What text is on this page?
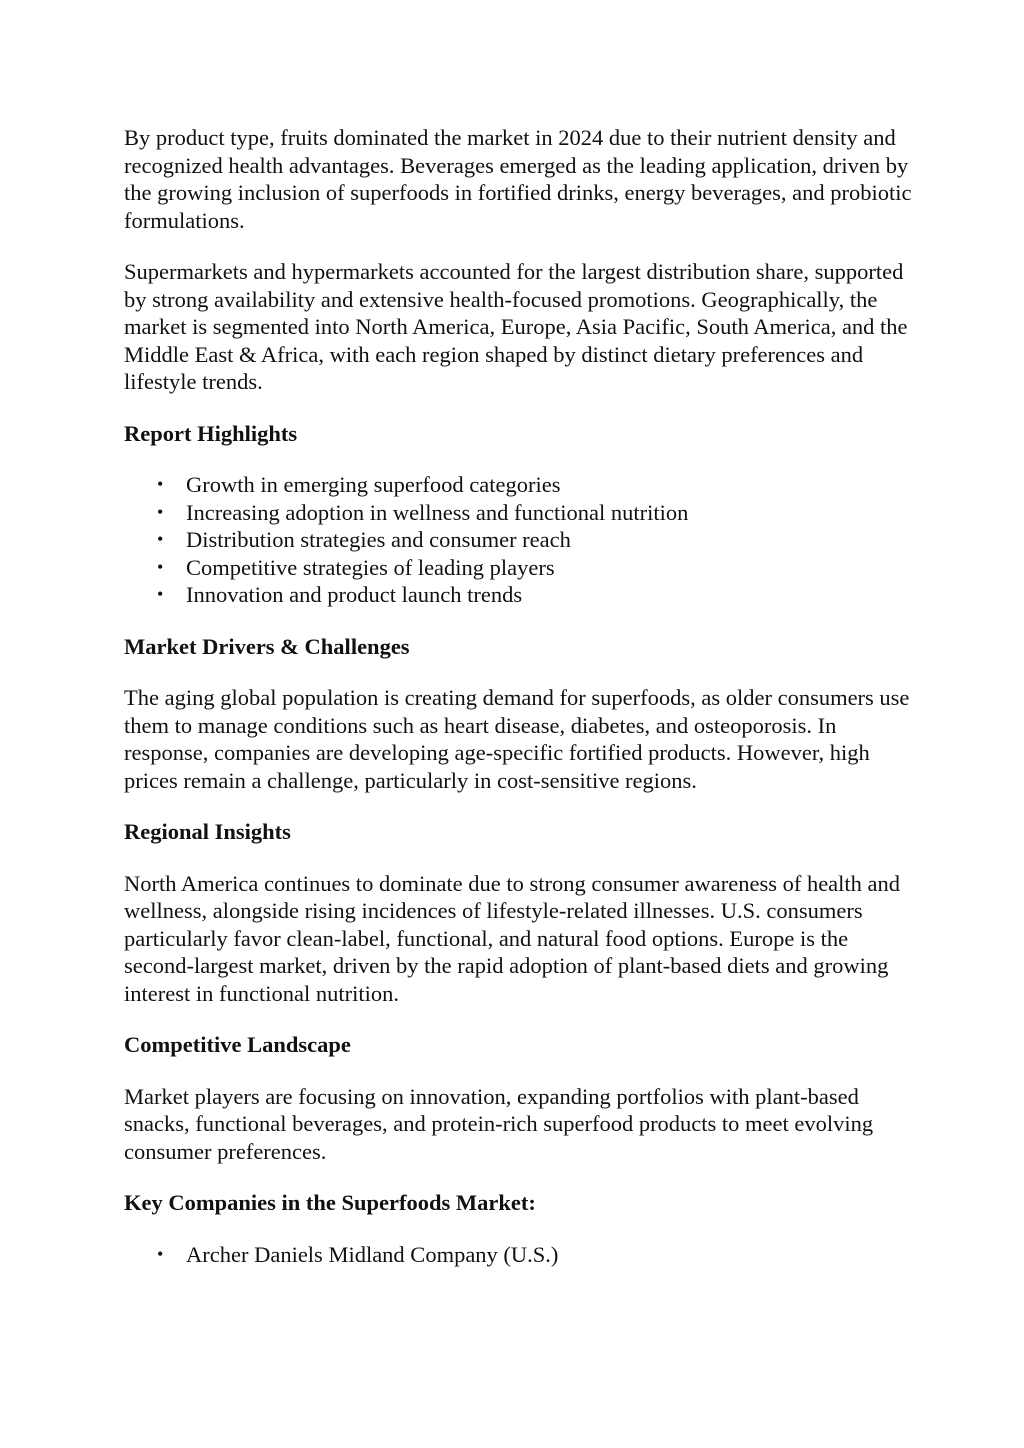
By product type, fruits dominated the market in 2024 due to their nutrient density and recognized health advantages. Beverages emerged as the leading application, driven by the growing inclusion of superfoods in fortified drinks, energy beverages, and probiotic formulations.

Supermarkets and hypermarkets accounted for the largest distribution share, supported by strong availability and extensive health-focused promotions. Geographically, the market is segmented into North America, Europe, Asia Pacific, South America, and the Middle East & Africa, with each region shaped by distinct dietary preferences and lifestyle trends.

Report Highlights
• Growth in emerging superfood categories
• Increasing adoption in wellness and functional nutrition
• Distribution strategies and consumer reach
• Competitive strategies of leading players
• Innovation and product launch trends
Market Drivers & Challenges

The aging global population is creating demand for superfoods, as older consumers use them to manage conditions such as heart disease, diabetes, and osteoporosis. In response, companies are developing age-specific fortified products. However, high prices remain a challenge, particularly in cost-sensitive regions.

Regional Insights

North America continues to dominate due to strong consumer awareness of health and wellness, alongside rising incidences of lifestyle-related illnesses. U.S. consumers particularly favor clean-label, functional, and natural food options. Europe is the second-largest market, driven by the rapid adoption of plant-based diets and growing interest in functional nutrition.

Competitive Landscape

Market players are focusing on innovation, expanding portfolios with plant-based snacks, functional beverages, and protein-rich superfood products to meet evolving consumer preferences.

Key Companies in the Superfoods Market:
• Archer Daniels Midland Company (U.S.)
